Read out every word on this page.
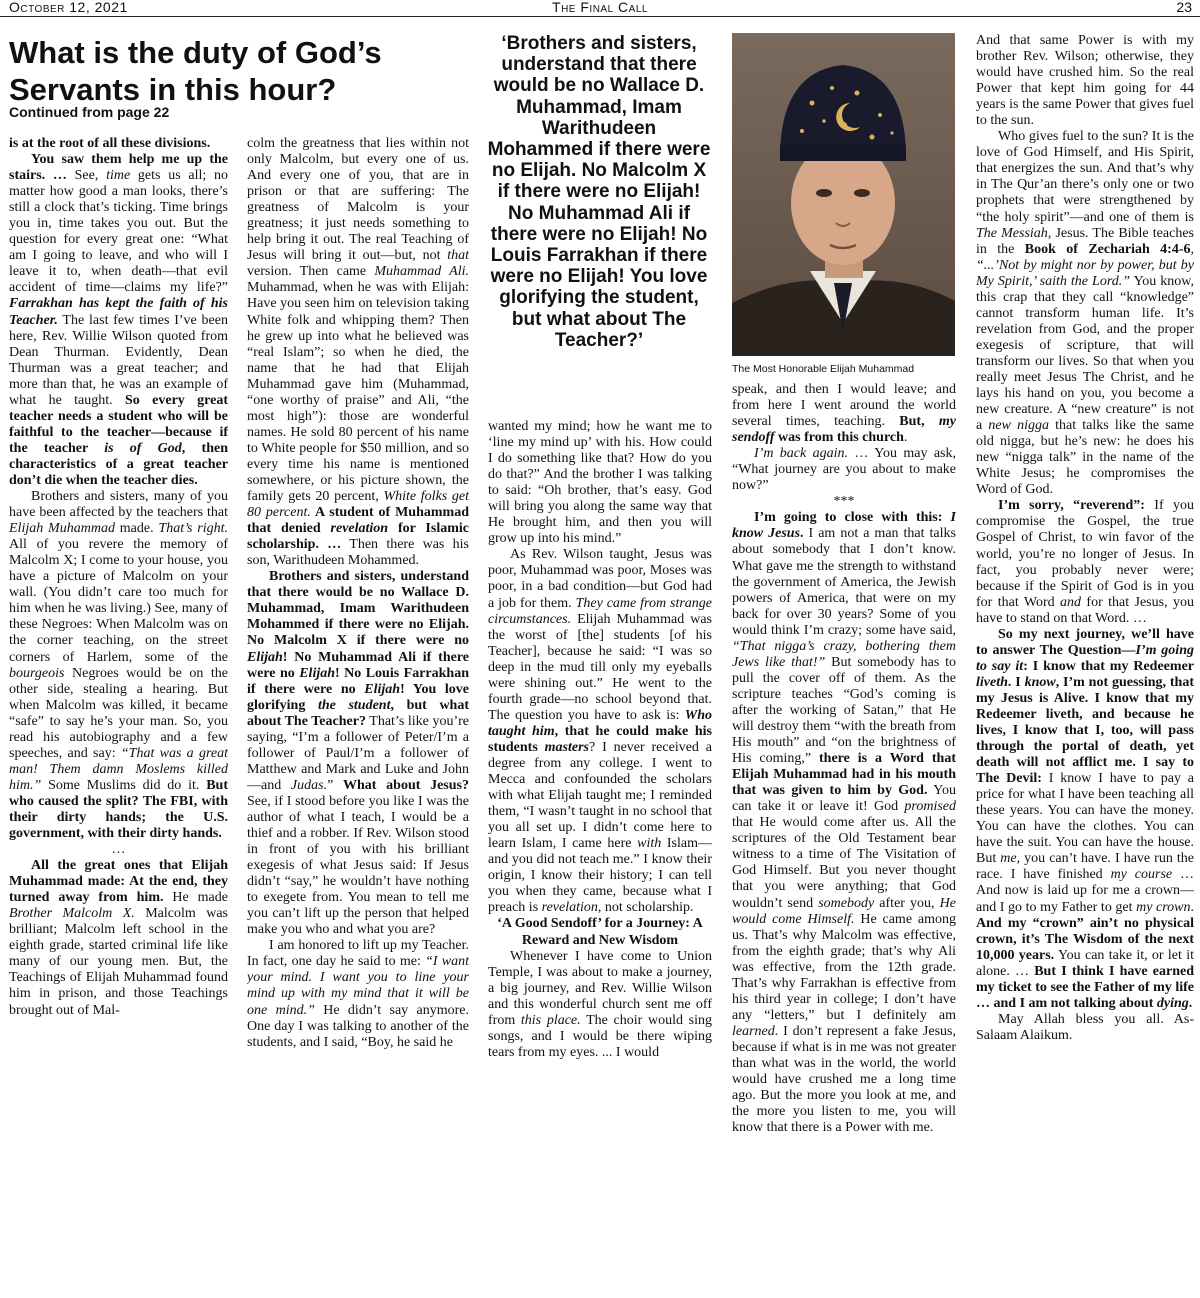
October 12, 2021	The Final Call	23
What is the duty of God’s Servants in this hour?
Continued from page 22
‘Brothers and sisters, understand that there would be no Wallace D. Muhammad, Imam Warithudeen Mohammed if there were no Elijah. No Malcolm X if there were no Elijah! No Muhammad Ali if there were no Elijah! No Louis Farrakhan if there were no Elijah! You love glorifying the student, but what about The Teacher?’
The Most Honorable Elijah Muhammad

is at the root of all these divisions.

You saw them help me up the stairs. … See, time gets us all; no matter how good a man looks, there’s still a clock that’s ticking. Time brings you in, time takes you out. But the question for every great one: “What am I going to leave, and who will I leave it to, when death—that evil accident of time—claims my life?” Farrakhan has kept the faith of his Teacher. The last few times I’ve been here, Rev. Willie Wilson quoted from Dean Thurman. Evidently, Dean Thurman was a great teacher; and more than that, he was an example of what he taught. So every great teacher needs a student who will be faithful to the teacher—because if the teacher is of God, then characteristics of a great teacher don’t die when the teacher dies.

Brothers and sisters, many of you have been affected by the teachers that Elijah Muhammad made. That’s right. All of you revere the memory of Malcolm X; I come to your house, you have a picture of Malcolm on your wall. (You didn’t care too much for him when he was living.) See, many of these Negroes: When Malcolm was on the corner teaching, on the street corners of Harlem, some of the bourgeois Negroes would be on the other side, stealing a hearing. But when Malcolm was killed, it became “safe” to say he’s your man. So, you read his autobiography and a few speeches, and say: “That was a great man! Them damn Moslems killed him.” Some Muslims did do it. But who caused the split? The FBI, with their dirty hands; the U.S. government, with their dirty hands.

…

All the great ones that Elijah Muhammad made: At the end, they turned away from him. He made Brother Malcolm X. Malcolm was brilliant; Malcolm left school in the eighth grade, started criminal life like many of our young men. But, the Teachings of Elijah Muhammad found him in prison, and those Teachings brought out of Mal-

colm the greatness that lies within not only Malcolm, but every one of us. And every one of you, that are in prison or that are suffering: The greatness of Malcolm is your greatness; it just needs something to help bring it out. The real Teaching of Jesus will bring it out—but, not that version. Then came Muhammad Ali. Muhammad, when he was with Elijah: Have you seen him on television taking White folk and whipping them? Then he grew up into what he believed was “real Islam”; so when he died, the name that he had that Elijah Muhammad gave him (Muhammad, “one worthy of praise” and Ali, “the most high”): those are wonderful names. He sold 80 percent of his name to White people for $50 million, and so every time his name is mentioned somewhere, or his picture shown, the family gets 20 percent, White folks get 80 percent. A student of Muhammad that denied revelation for Islamic scholarship. … Then there was his son, Warithudeen Mohammed.

Brothers and sisters, understand that there would be no Wallace D. Muhammad, Imam Warithudeen Mohammed if there were no Elijah. No Malcolm X if there were no Elijah! No Muhammad Ali if there were no Elijah! No Louis Farrakhan if there were no Elijah! You love glorifying the student, but what about The Teacher? That’s like you’re saying, “I’m a follower of Peter/I’m a follower of Paul/I’m a follower of Matthew and Mark and Luke and John—and Judas.” What about Jesus? See, if I stood before you like I was the author of what I teach, I would be a thief and a robber. If Rev. Wilson stood in front of you with his brilliant exegesis of what Jesus said: If Jesus didn’t “say,” he wouldn’t have nothing to exegete from. You mean to tell me you can’t lift up the person that helped make you who and what you are?

I am honored to lift up my Teacher. In fact, one day he said to me: “I want your mind. I want you to line your mind up with my mind that it will be one mind.” He didn’t say anymore. One day I was talking to another of the students, and I said, “Boy, he said he

wanted my mind; how he want me to ‘line my mind up’ with his. How could I do something like that? How do you do that?” And the brother I was talking to said: “Oh brother, that’s easy. God will bring you along the same way that He brought him, and then you will grow up into his mind.”

As Rev. Wilson taught, Jesus was poor, Muhammad was poor, Moses was poor, in a bad condition—but God had a job for them. They came from strange circumstances. Elijah Muhammad was the worst of [the] students [of his Teacher], because he said: “I was so deep in the mud till only my eyeballs were shining out.” He went to the fourth grade—no school beyond that. The question you have to ask is: Who taught him, that he could make his students masters? I never received a degree from any college. I went to Mecca and confounded the scholars with what Elijah taught me; I reminded them, “I wasn’t taught in no school that you all set up. I didn’t come here to learn Islam, I came here with Islam—and you did not teach me.” I know their origin, I know their history; I can tell you when they came, because what I preach is revelation, not scholarship.

‘A Good Sendoff’ for a Journey: A Reward and New Wisdom

Whenever I have come to Union Temple, I was about to make a journey, a big journey, and Rev. Willie Wilson and this wonderful church sent me off from this place. The choir would sing songs, and I would be there wiping tears from my eyes. ... I would

speak, and then I would leave; and from here I went around the world several times, teaching. But, my sendoff was from this church.

I’m back again. … You may ask, “What journey are you about to make now?”

***

I’m going to close with this: I know Jesus. I am not a man that talks about somebody that I don’t know. What gave me the strength to withstand the government of America, the Jewish powers of America, that were on my back for over 30 years? Some of you would think I’m crazy; some have said, “That nigga’s crazy, bothering them Jews like that!” But somebody has to pull the cover off of them. As the scripture teaches “God’s coming is after the working of Satan,” that He will destroy them “with the breath from His mouth” and “on the brightness of His coming,” there is a Word that Elijah Muhammad had in his mouth that was given to him by God. You can take it or leave it! God promised that He would come after us. All the scriptures of the Old Testament bear witness to a time of The Visitation of God Himself. But you never thought that you were anything; that God wouldn’t send somebody after you, He would come Himself. He came among us. That’s why Malcolm was effective, from the eighth grade; that’s why Ali was effective, from the 12th grade. That’s why Farrakhan is effective from his third year in college; I don’t have any “letters,” but I definitely am learned. I don’t represent a fake Jesus, because if what is in me was not greater than what was in the world, the world would have crushed me a long time ago. But the more you look at me, and the more you listen to me, you will know that there is a Power with me.

And that same Power is with my brother Rev. Wilson; otherwise, they would have crushed him. So the real Power that kept him going for 44 years is the same Power that gives fuel to the sun.

Who gives fuel to the sun? It is the love of God Himself, and His Spirit, that energizes the sun. And that’s why in The Qur’an there’s only one or two prophets that were strengthened by “the holy spirit”—and one of them is The Messiah, Jesus. The Bible teaches in the Book of Zechariah 4:4-6, “...’Not by might nor by power, but by My Spirit,’ saith the Lord.” You know, this crap that they call “knowledge” cannot transform human life. It’s revelation from God, and the proper exegesis of scripture, that will transform our lives. So that when you really meet Jesus The Christ, and he lays his hand on you, you become a new creature. A “new creature” is not a new nigga that talks like the same old nigga, but he’s new: he does his new “nigga talk” in the name of the White Jesus; he compromises the Word of God.

I’m sorry, “reverend”: If you compromise the Gospel, the true Gospel of Christ, to win favor of the world, you’re no longer of Jesus. In fact, you probably never were; because if the Spirit of God is in you for that Word and for that Jesus, you have to stand on that Word. …

So my next journey, we’ll have to answer The Question—I’m going to say it: I know that my Redeemer liveth. I know, I’m not guessing, that my Jesus is Alive. I know that my Redeemer liveth, and because he lives, I know that I, too, will pass through the portal of death, yet death will not afflict me. I say to The Devil: I know I have to pay a price for what I have been teaching all these years. You can have the money. You can have the clothes. You can have the suit. You can have the house. But me, you can’t have. I have run the race. I have finished my course … And now is laid up for me a crown—and I go to my Father to get my crown. And my “crown” ain’t no physical crown, it’s The Wisdom of the next 10,000 years. You can take it, or let it alone. … But I think I have earned my ticket to see the Father of my life … and I am not talking about dying.

May Allah bless you all. As-Salaam Alaikum.
